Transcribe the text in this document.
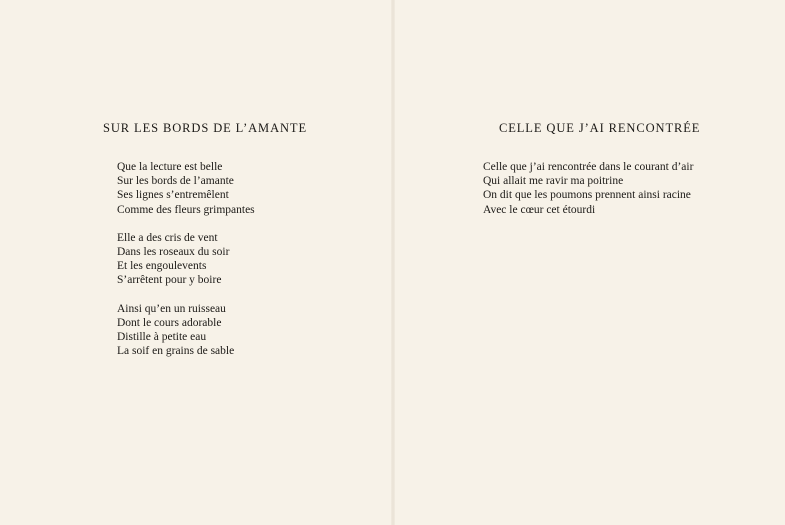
SUR LES BORDS DE L’AMANTE

Que la lecture est belle
Sur les bords de l’amante
Ses lignes s’entremêlent
Comme des fleurs grimpantes

Elle a des cris de vent
Dans les roseaux du soir
Et les engoulevents
S’arrêtent pour y boire

Ainsi qu’en un ruisseau
Dont le cours adorable
Distille à petite eau
La soif en grains de sable

CELLE QUE J’AI RENCONTRÉE

Celle que j’ai rencontrée dans le courant d’air
Qui allait me ravir ma poitrine
On dit que les poumons prennent ainsi racine
Avec le cœur cet étourdi
